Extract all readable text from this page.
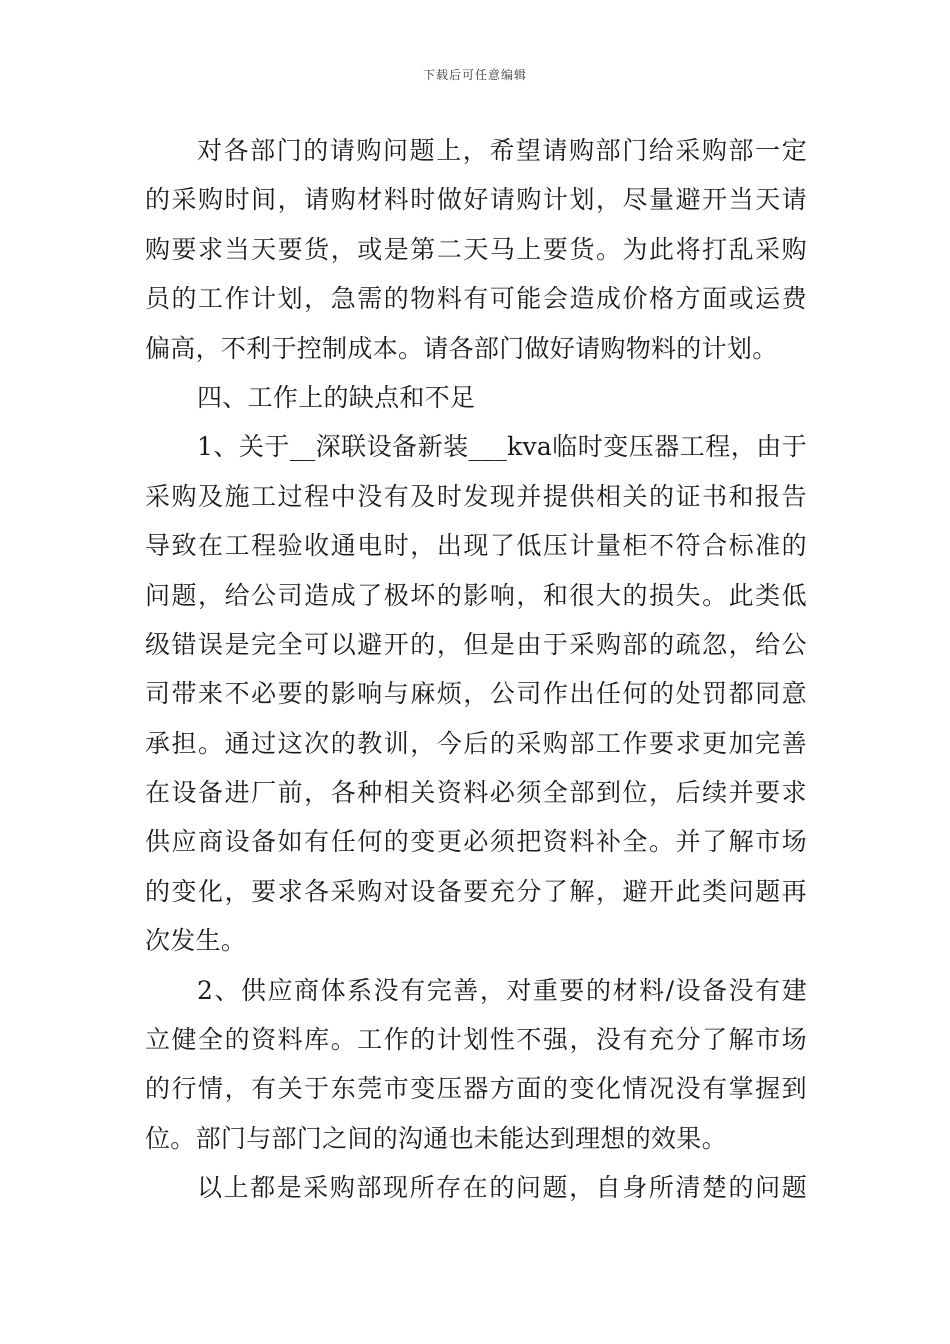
下载后可任意编辑
对各部门的请购问题上，希望请购部门给采购部一定
的采购时间，请购材料时做好请购计划，尽量避开当天请
购要求当天要货，或是第二天马上要货。为此将打乱采购
员的工作计划，急需的物料有可能会造成价格方面或运费
偏高，不利于控制成本。请各部门做好请购物料的计划。
四、工作上的缺点和不足
1、关于__深联设备新装___kva临时变压器工程，由于
采购及施工过程中没有及时发现并提供相关的证书和报告
导致在工程验收通电时，出现了低压计量柜不符合标准的
问题，给公司造成了极坏的影响，和很大的损失。此类低
级错误是完全可以避开的，但是由于采购部的疏忽，给公
司带来不必要的影响与麻烦，公司作出任何的处罚都同意
承担。通过这次的教训，今后的采购部工作要求更加完善
在设备进厂前，各种相关资料必须全部到位，后续并要求
供应商设备如有任何的变更必须把资料补全。并了解市场
的变化，要求各采购对设备要充分了解，避开此类问题再
次发生。
2、供应商体系没有完善，对重要的材料/设备没有建
立健全的资料库。工作的计划性不强，没有充分了解市场
的行情，有关于东莞市变压器方面的变化情况没有掌握到
位。部门与部门之间的沟通也未能达到理想的效果。
以上都是采购部现所存在的问题，自身所清楚的问题
